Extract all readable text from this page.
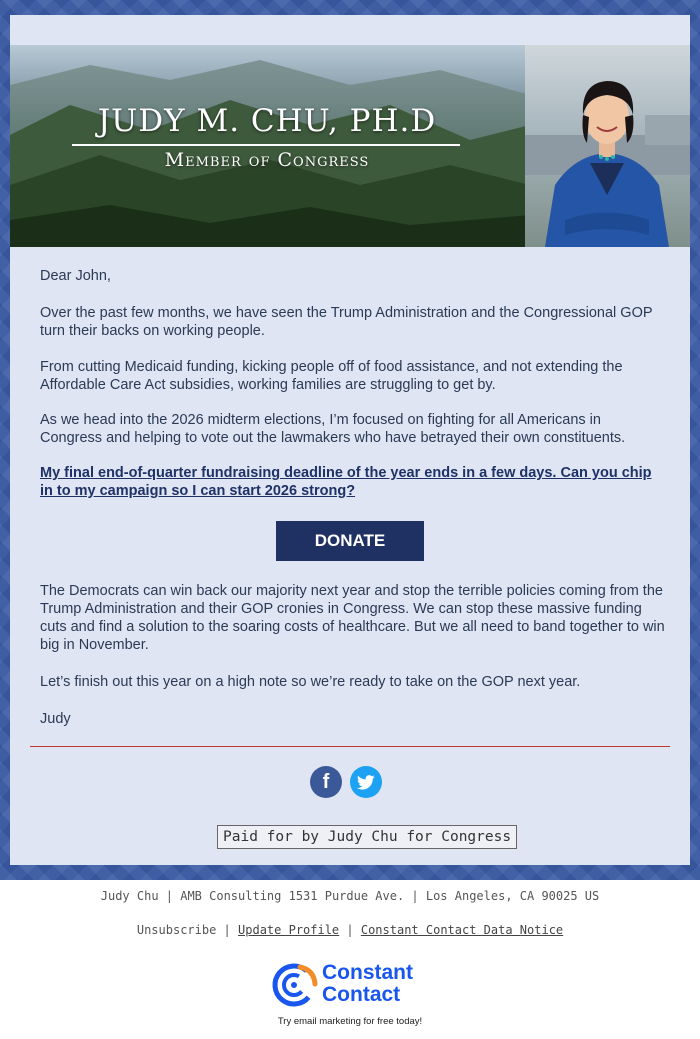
JUDY M. CHU, PH.D
Member of Congress
Dear John,
Over the past few months, we have seen the Trump Administration and the Congressional GOP turn their backs on working people.
From cutting Medicaid funding, kicking people off of food assistance, and not extending the Affordable Care Act subsidies, working families are struggling to get by.
As we head into the 2026 midterm elections, I’m focused on fighting for all Americans in Congress and helping to vote out the lawmakers who have betrayed their own constituents.
My final end-of-quarter fundraising deadline of the year ends in a few days. Can you chip in to my campaign so I can start 2026 strong?
DONATE
The Democrats can win back our majority next year and stop the terrible policies coming from the Trump Administration and their GOP cronies in Congress. We can stop these massive funding cuts and find a solution to the soaring costs of healthcare. But we all need to band together to win big in November.
Let’s finish out this year on a high note so we’re ready to take on the GOP next year.
Judy
f
Paid for by Judy Chu for Congress
Judy Chu | AMB Consulting 1531 Purdue Ave. | Los Angeles, CA 90025 US
Unsubscribe | Update Profile | Constant Contact Data Notice
Constant
Contact
Try email marketing for free today!
